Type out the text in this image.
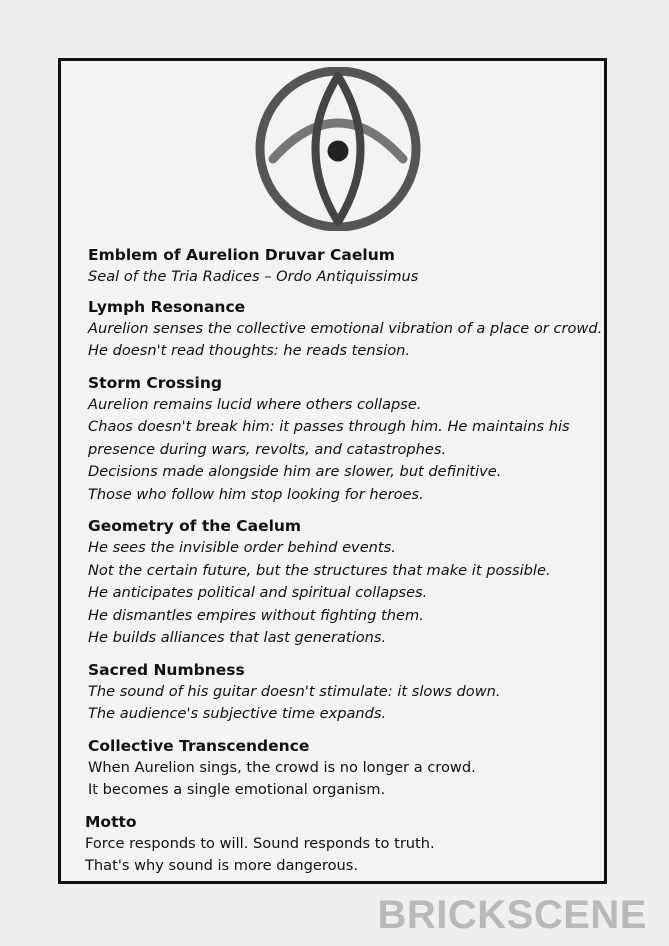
Emblem of Aurelion Druvar Caelum

Seal of the Tria Radices – Ordo Antiquissimus

Lymph Resonance

Aurelion senses the collective emotional vibration of a place or crowd.

He doesn't read thoughts: he reads tension.

Storm Crossing

Aurelion remains lucid where others collapse.

Chaos doesn't break him: it passes through him. He maintains his

presence during wars, revolts, and catastrophes.

Decisions made alongside him are slower, but definitive.

Those who follow him stop looking for heroes.

Geometry of the Caelum

He sees the invisible order behind events.

Not the certain future, but the structures that make it possible.

He anticipates political and spiritual collapses.

He dismantles empires without fighting them.

He builds alliances that last generations.

Sacred Numbness

The sound of his guitar doesn't stimulate: it slows down.

The audience's subjective time expands.

Collective Transcendence

When Aurelion sings, the crowd is no longer a crowd.

It becomes a single emotional organism.

Motto

Force responds to will. Sound responds to truth.

That's why sound is more dangerous.

BRICKSCENE
